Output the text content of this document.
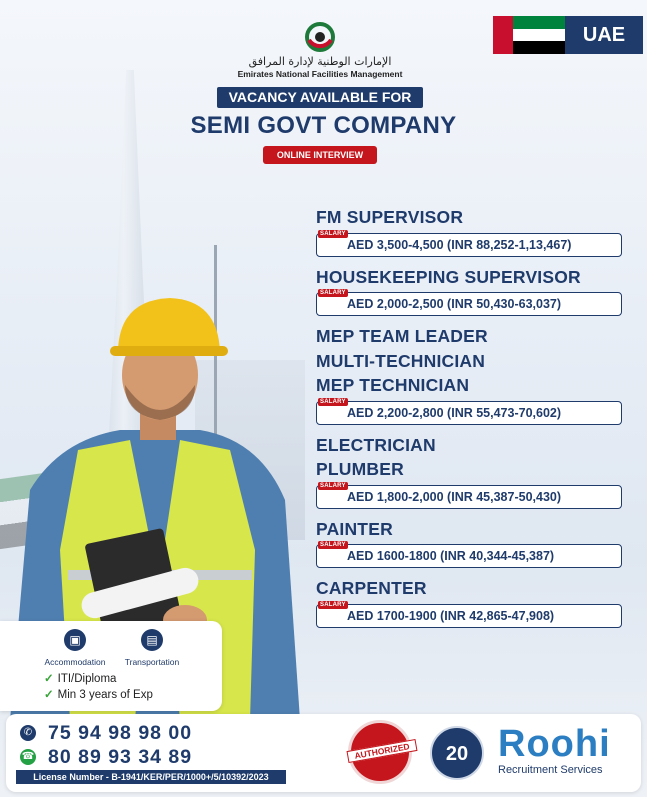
الإمارات الوطنية لإدارة المرافق
Emirates National Facilities Management
VACANCY AVAILABLE FOR
SEMI GOVT COMPANY
ONLINE INTERVIEW
UAE
FM SUPERVISOR
SALARY
AED 3,500-4,500 (INR 88,252-1,13,467)
HOUSEKEEPING SUPERVISOR
SALARY
AED 2,000-2,500 (INR 50,430-63,037)
MEP TEAM LEADER
MULTI-TECHNICIAN
MEP TECHNICIAN
SALARY
AED 2,200-2,800 (INR 55,473-70,602)
ELECTRICIAN
PLUMBER
SALARY
AED 1,800-2,000 (INR 45,387-50,430)
PAINTER
SALARY
AED 1600-1800 (INR 40,344-45,387)
CARPENTER
SALARY
AED 1700-1900 (INR 42,865-47,908)
▣
Accommodation
▤
Transportation
✓ ITI/Diploma
✓ Min 3 years of Exp
✆ 75 94 98 98 00
☎ 80 89 93 34 89
License Number - B-1941/KER/PER/1000+/5/10392/2023
AUTHORIZED	20 Roohi
Recruitment Services
